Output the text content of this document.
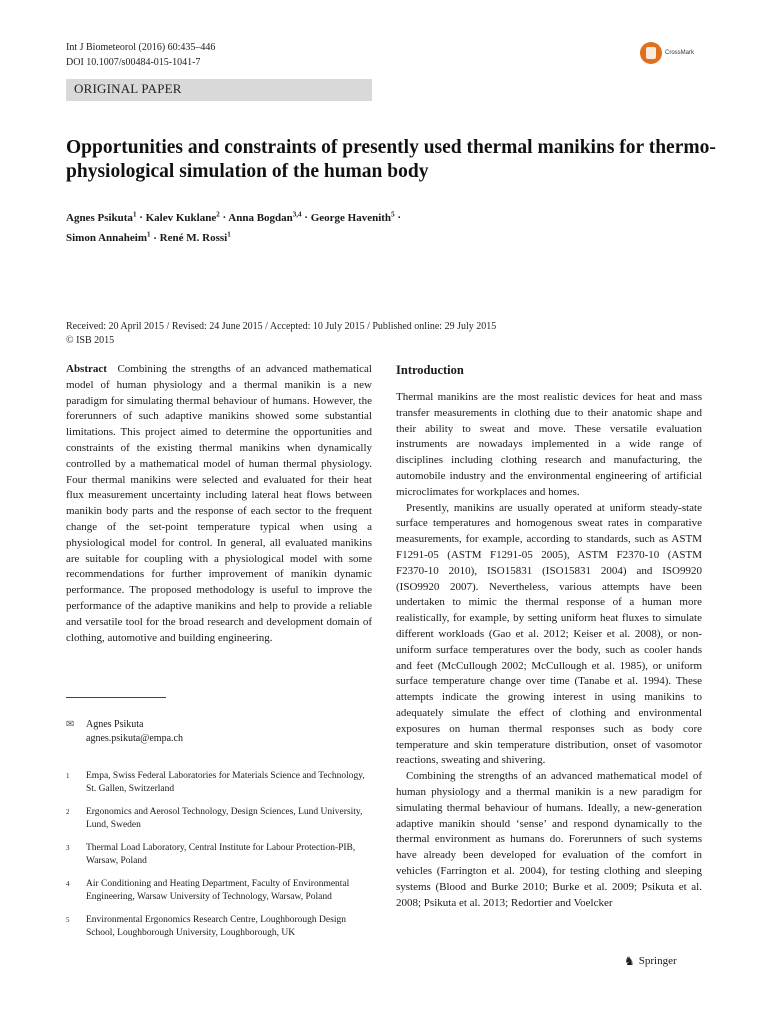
Int J Biometeorol (2016) 60:435–446
DOI 10.1007/s00484-015-1041-7
CrossMark
ORIGINAL PAPER
Opportunities and constraints of presently used thermal manikins for thermo-physiological simulation of the human body
Agnes Psikuta$^1$ · Kalev Kuklane$^2$ · Anna Bogdan$^{3,4}$ · George Havenith$^5$ ·
Simon Annaheim$^1$ · René M. Rossi$^1$
Received: 20 April 2015 / Revised: 24 June 2015 / Accepted: 10 July 2015 / Published online: 29 July 2015
© ISB 2015
Abstract Combining the strengths of an advanced mathematical model of human physiology and a thermal manikin is a new paradigm for simulating thermal behaviour of humans. However, the forerunners of such adaptive manikins showed some substantial limitations. This project aimed to determine the opportunities and constraints of the existing thermal manikins when dynamically controlled by a mathematical model of human thermal physiology. Four thermal manikins were selected and evaluated for their heat flux measurement uncertainty including lateral heat flows between manikin body parts and the response of each sector to the frequent change of the set-point temperature typical when using a physiological model for control. In general, all evaluated manikins are suitable for coupling with a physiological model with some recommendations for further improvement of manikin dynamic performance. The proposed methodology is useful to improve the performance of the adaptive manikins and help to provide a reliable and versatile tool for the broad research and development domain of clothing, automotive and building engineering.
✉ Agnes Psikuta
agnes.psikuta@empa.ch
1	Empa, Swiss Federal Laboratories for Materials Science and Technology, St. Gallen, Switzerland
2	Ergonomics and Aerosol Technology, Design Sciences, Lund University, Lund, Sweden
3	Thermal Load Laboratory, Central Institute for Labour Protection-PIB, Warsaw, Poland
4	Air Conditioning and Heating Department, Faculty of Environmental Engineering, Warsaw University of Technology, Warsaw, Poland
5	Environmental Ergonomics Research Centre, Loughborough Design School, Loughborough University, Loughborough, UK
Introduction

Thermal manikins are the most realistic devices for heat and mass transfer measurements in clothing due to their anatomic shape and their ability to sweat and move. These versatile evaluation instruments are nowadays implemented in a wide range of disciplines including clothing research and manufacturing, the automobile industry and the environmental engineering of artificial microclimates for workplaces and homes.

Presently, manikins are usually operated at uniform steady-state surface temperatures and homogenous sweat rates in comparative measurements, for example, according to standards, such as ASTM F1291-05 (ASTM F1291-05 2005), ASTM F2370-10 (ASTM F2370-10 2010), ISO15831 (ISO15831 2004) and ISO9920 (ISO9920 2007). Nevertheless, various attempts have been undertaken to mimic the thermal response of a human more realistically, for example, by setting uniform heat fluxes to simulate different workloads (Gao et al. 2012; Keiser et al. 2008), or non-uniform surface temperatures over the body, such as cooler hands and feet (McCullough 2002; McCullough et al. 1985), or uniform surface temperature change over time (Tanabe et al. 1994). These attempts indicate the growing interest in using manikins to adequately simulate the effect of clothing and environmental exposures on human thermal responses such as body core temperature and skin temperature distribution, onset of vasomotor reactions, sweating and shivering.

Combining the strengths of an advanced mathematical model of human physiology and a thermal manikin is a new paradigm for simulating thermal behaviour of humans. Ideally, a new-generation adaptive manikin should ‘sense’ and respond dynamically to the thermal environment as humans do. Forerunners of such systems have already been developed for evaluation of the comfort in vehicles (Farrington et al. 2004), for testing clothing and sleeping systems (Blood and Burke 2010; Burke et al. 2009; Psikuta et al. 2008; Psikuta et al. 2013; Redortier and Voelcker

♞ Springer
